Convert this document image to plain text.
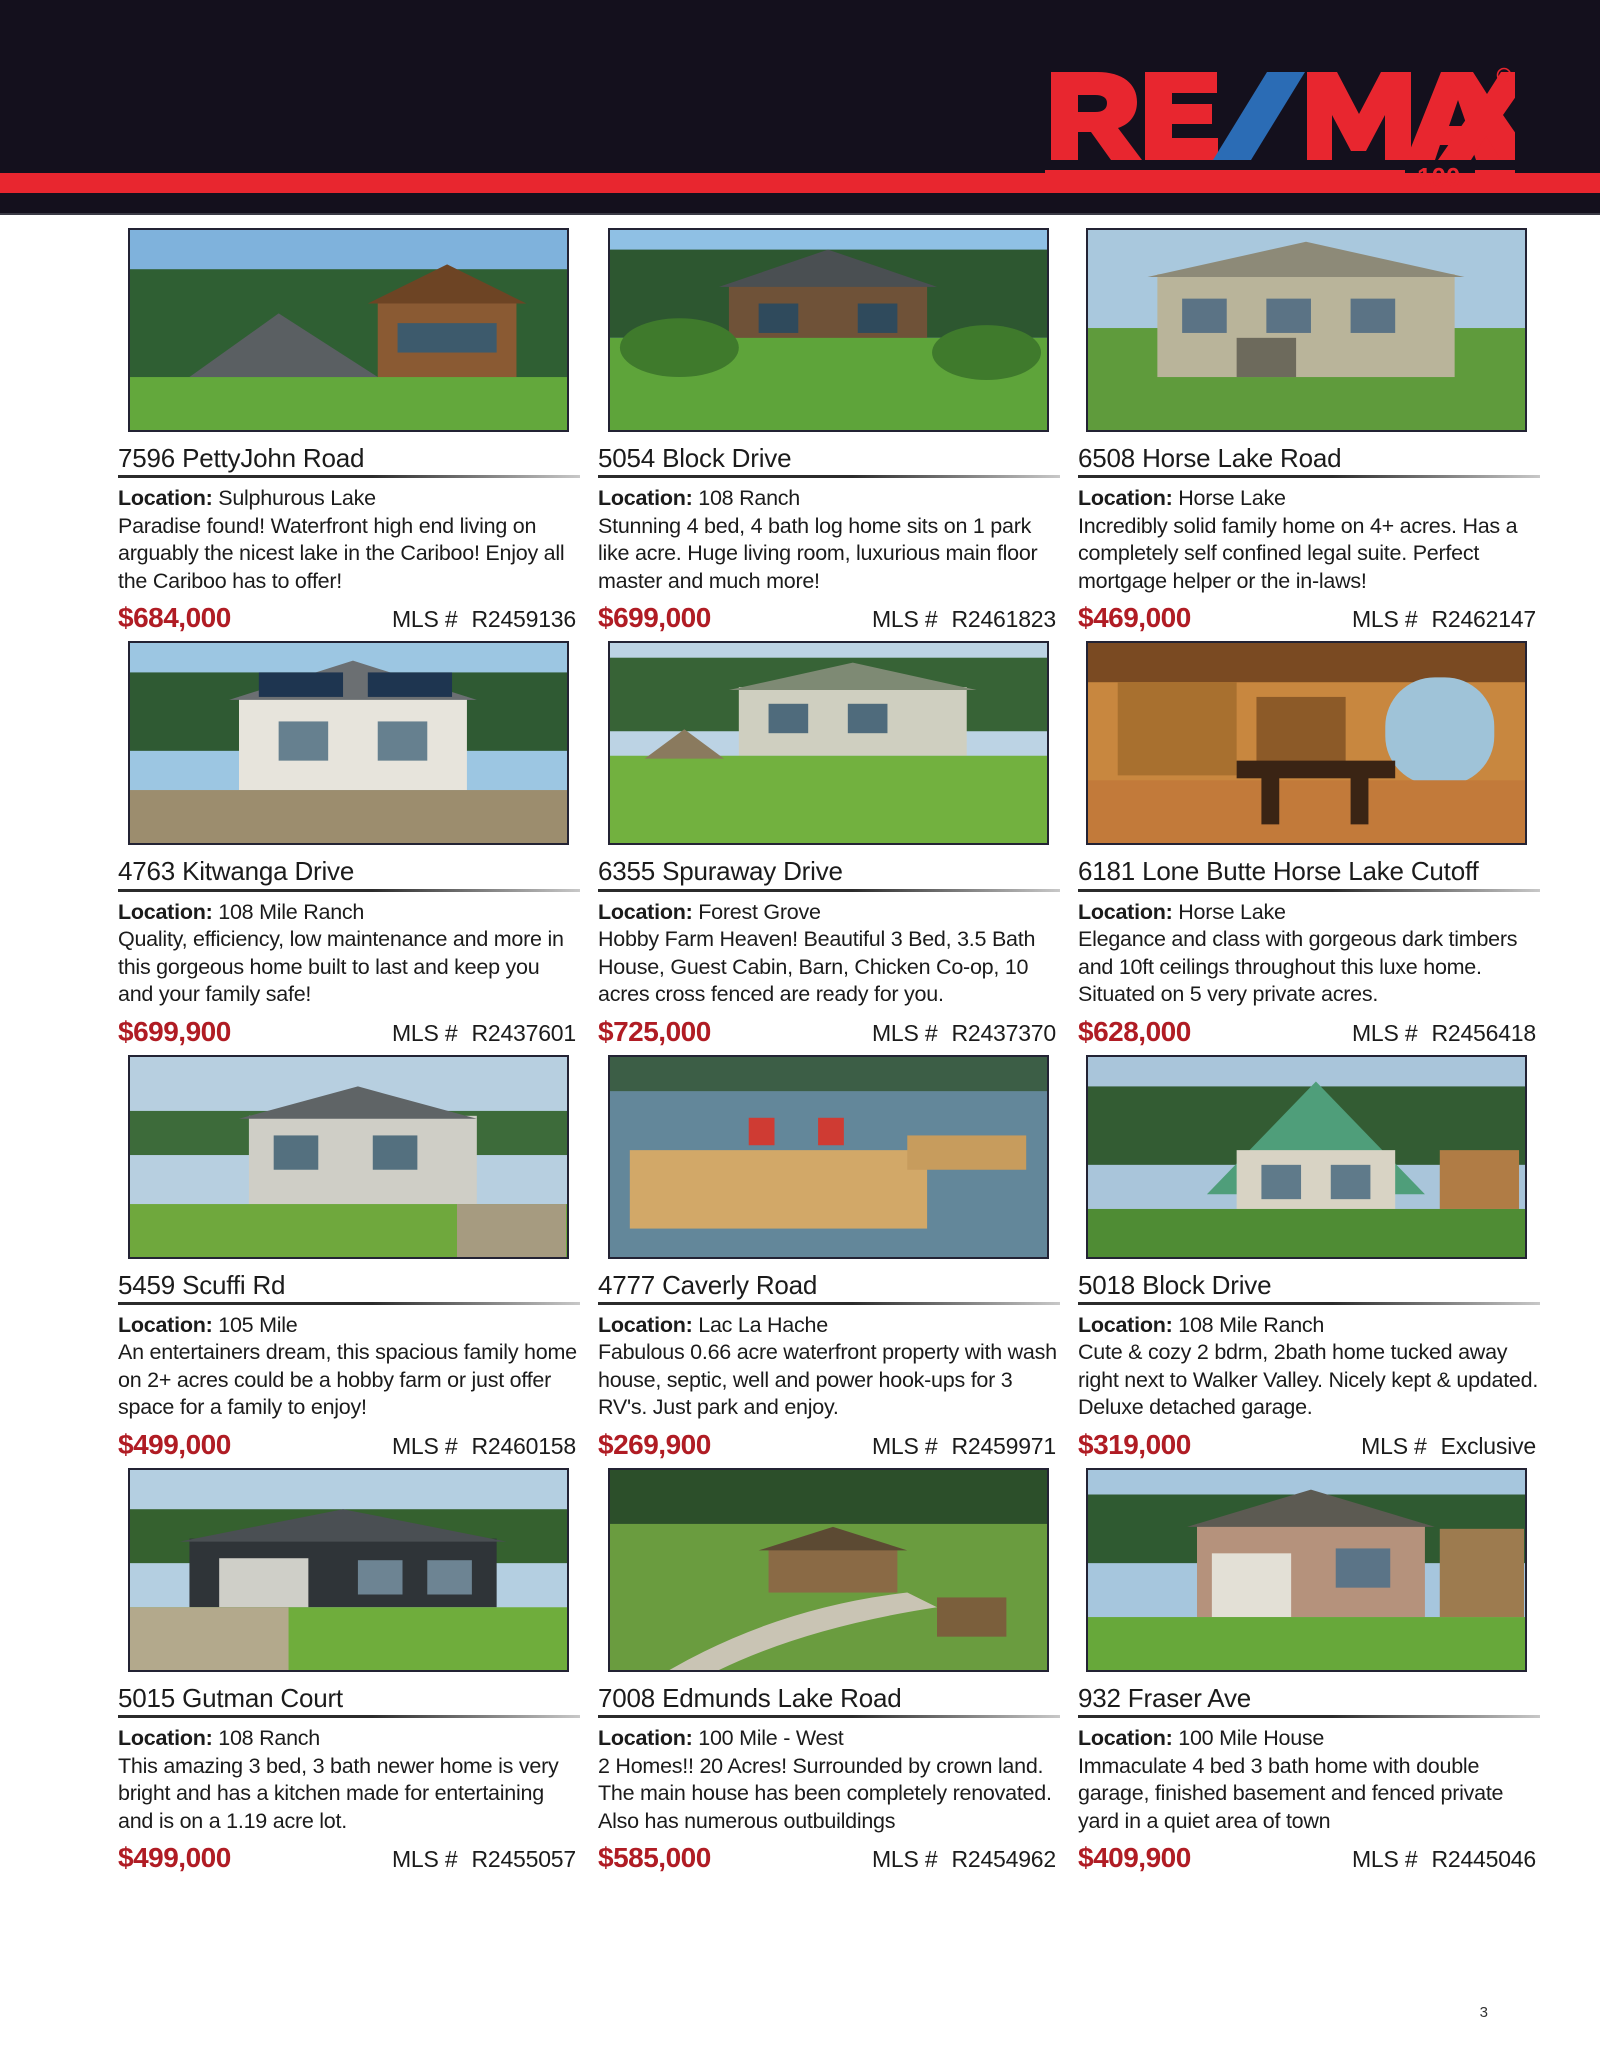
R
100
7596 PettyJohn Road
Location: Sulphurous Lake
Paradise found! Waterfront high end living on arguably the nicest lake in the Cariboo! Enjoy all the Cariboo has to offer!
$684,000	MLS # R2459136
5054 Block Drive
Location: 108 Ranch
Stunning 4 bed, 4 bath log home sits on 1 park like acre. Huge living room, luxurious main floor master and much more!
$699,000	MLS # R2461823
6508 Horse Lake Road
Location: Horse Lake
Incredibly solid family home on 4+ acres. Has a completely self confined legal suite. Perfect mortgage helper or the in-laws!
$469,000	MLS # R2462147
4763 Kitwanga Drive
Location: 108 Mile Ranch
Quality, efficiency, low maintenance and more in this gorgeous home built to last and keep you and your family safe!
$699,900	MLS # R2437601
6355 Spuraway Drive
Location: Forest Grove
Hobby Farm Heaven! Beautiful 3 Bed, 3.5 Bath House, Guest Cabin, Barn, Chicken Co-op, 10 acres cross fenced are ready for you.
$725,000	MLS # R2437370
6181 Lone Butte Horse Lake Cutoff
Location: Horse Lake
Elegance and class with gorgeous dark timbers and 10ft ceilings throughout this luxe home. Situated on 5 very private acres.
$628,000	MLS # R2456418
5459 Scuffi Rd
Location: 105 Mile
An entertainers dream, this spacious family home on 2+ acres could be a hobby farm or just offer space for a family to enjoy!
$499,000	MLS # R2460158
4777 Caverly Road
Location: Lac La Hache
Fabulous 0.66 acre waterfront property with wash house, septic, well and power hook-ups for 3 RV's. Just park and enjoy.
$269,900	MLS # R2459971
5018 Block Drive
Location: 108 Mile Ranch
Cute & cozy 2 bdrm, 2bath home tucked away right next to Walker Valley. Nicely kept & updated. Deluxe detached garage.
$319,000	MLS # Exclusive
5015 Gutman Court
Location: 108 Ranch
This amazing 3 bed, 3 bath newer home is very bright and has a kitchen made for entertaining and is on a 1.19 acre lot.
$499,000	MLS # R2455057
7008 Edmunds Lake Road
Location: 100 Mile - West
2 Homes!! 20 Acres! Surrounded by crown land. The main house has been completely renovated. Also has numerous outbuildings
$585,000	MLS # R2454962
932 Fraser Ave
Location: 100 Mile House
Immaculate 4 bed 3 bath home with double garage, finished basement and fenced private yard in a quiet area of town
$409,900	MLS # R2445046
3
